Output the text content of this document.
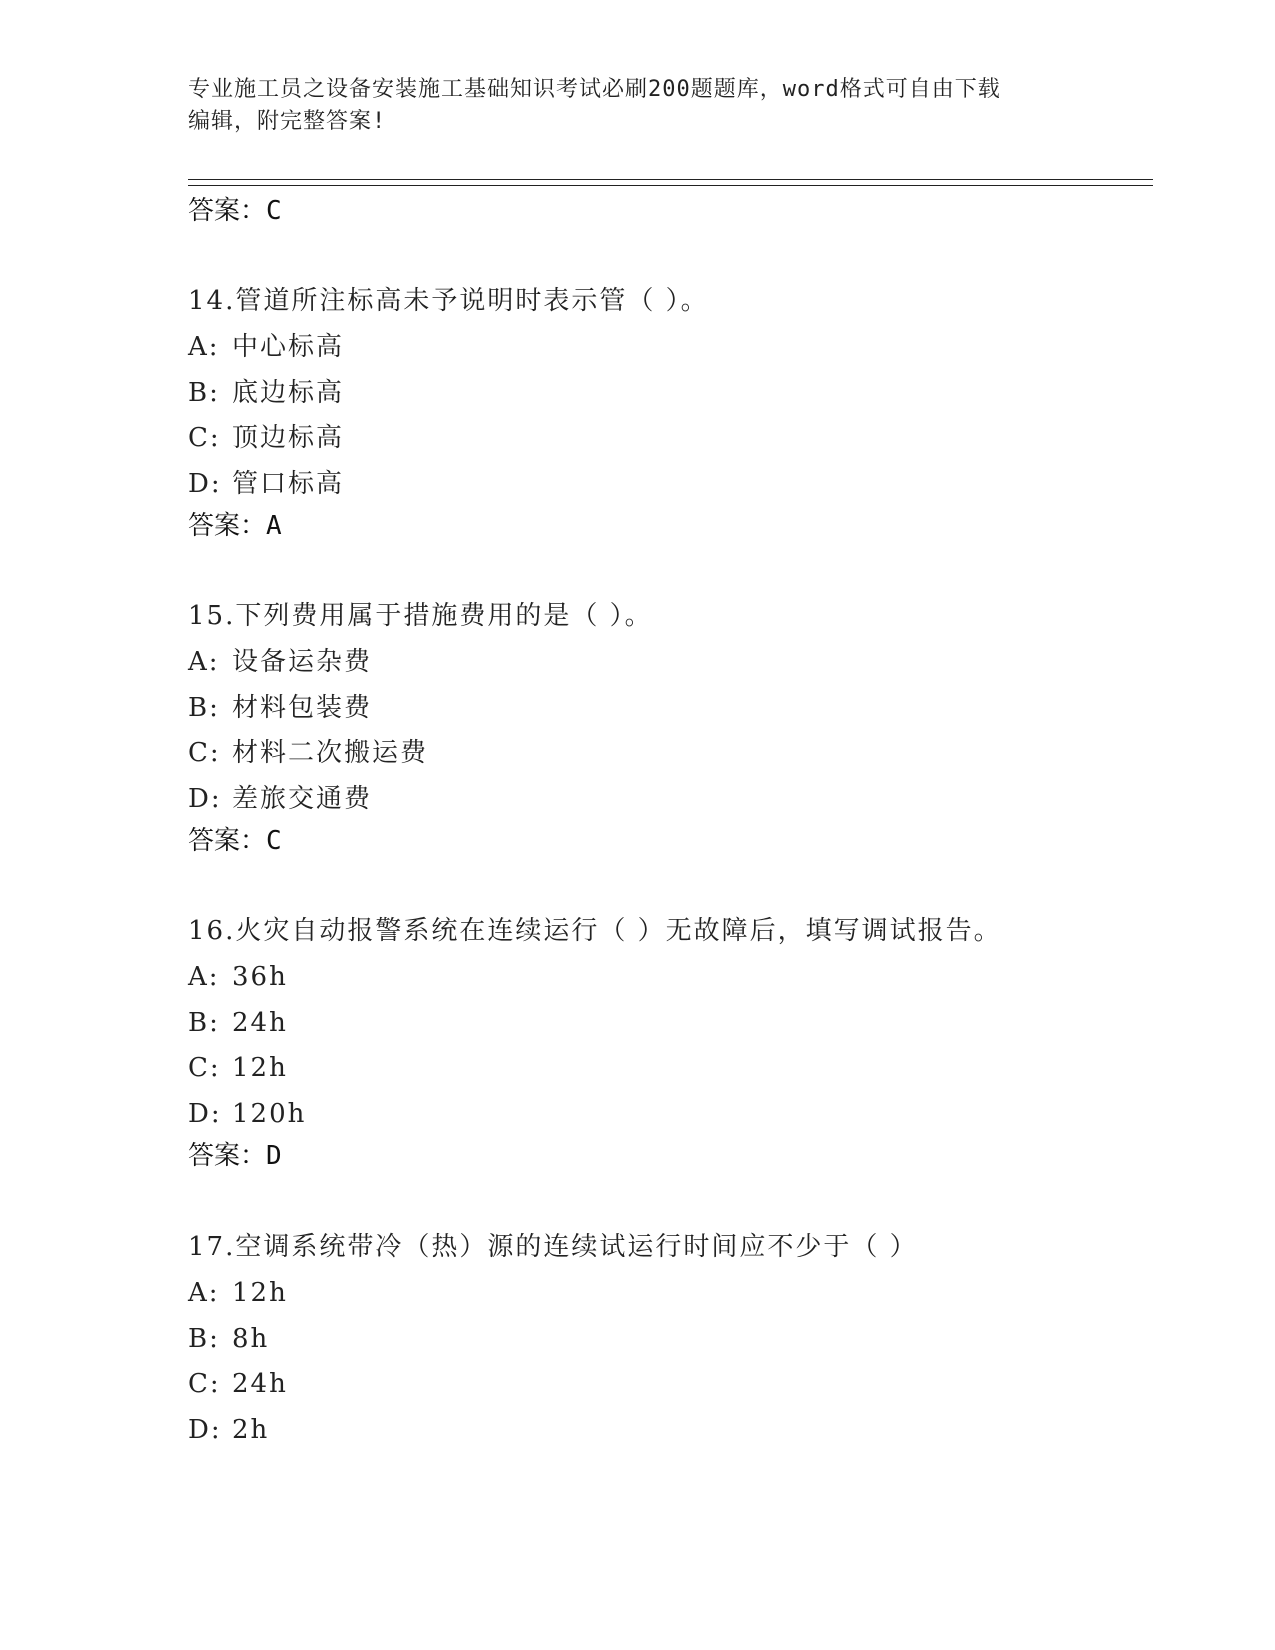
专业施工员之设备安装施工基础知识考试必刷200题题库，word格式可自由下载
编辑，附完整答案!
答案：C
14.管道所注标高未予说明时表示管（ ）。
A: 中心标高
B: 底边标高
C: 顶边标高
D: 管口标高
答案：A
15.下列费用属于措施费用的是（ ）。
A: 设备运杂费
B: 材料包装费
C: 材料二次搬运费
D: 差旅交通费
答案：C
16.火灾自动报警系统在连续运行（ ）无故障后，填写调试报告。
A: 36h
B: 24h
C: 12h
D: 120h
答案：D
17.空调系统带冷（热）源的连续试运行时间应不少于（ ）
A: 12h
B: 8h
C: 24h
D: 2h
